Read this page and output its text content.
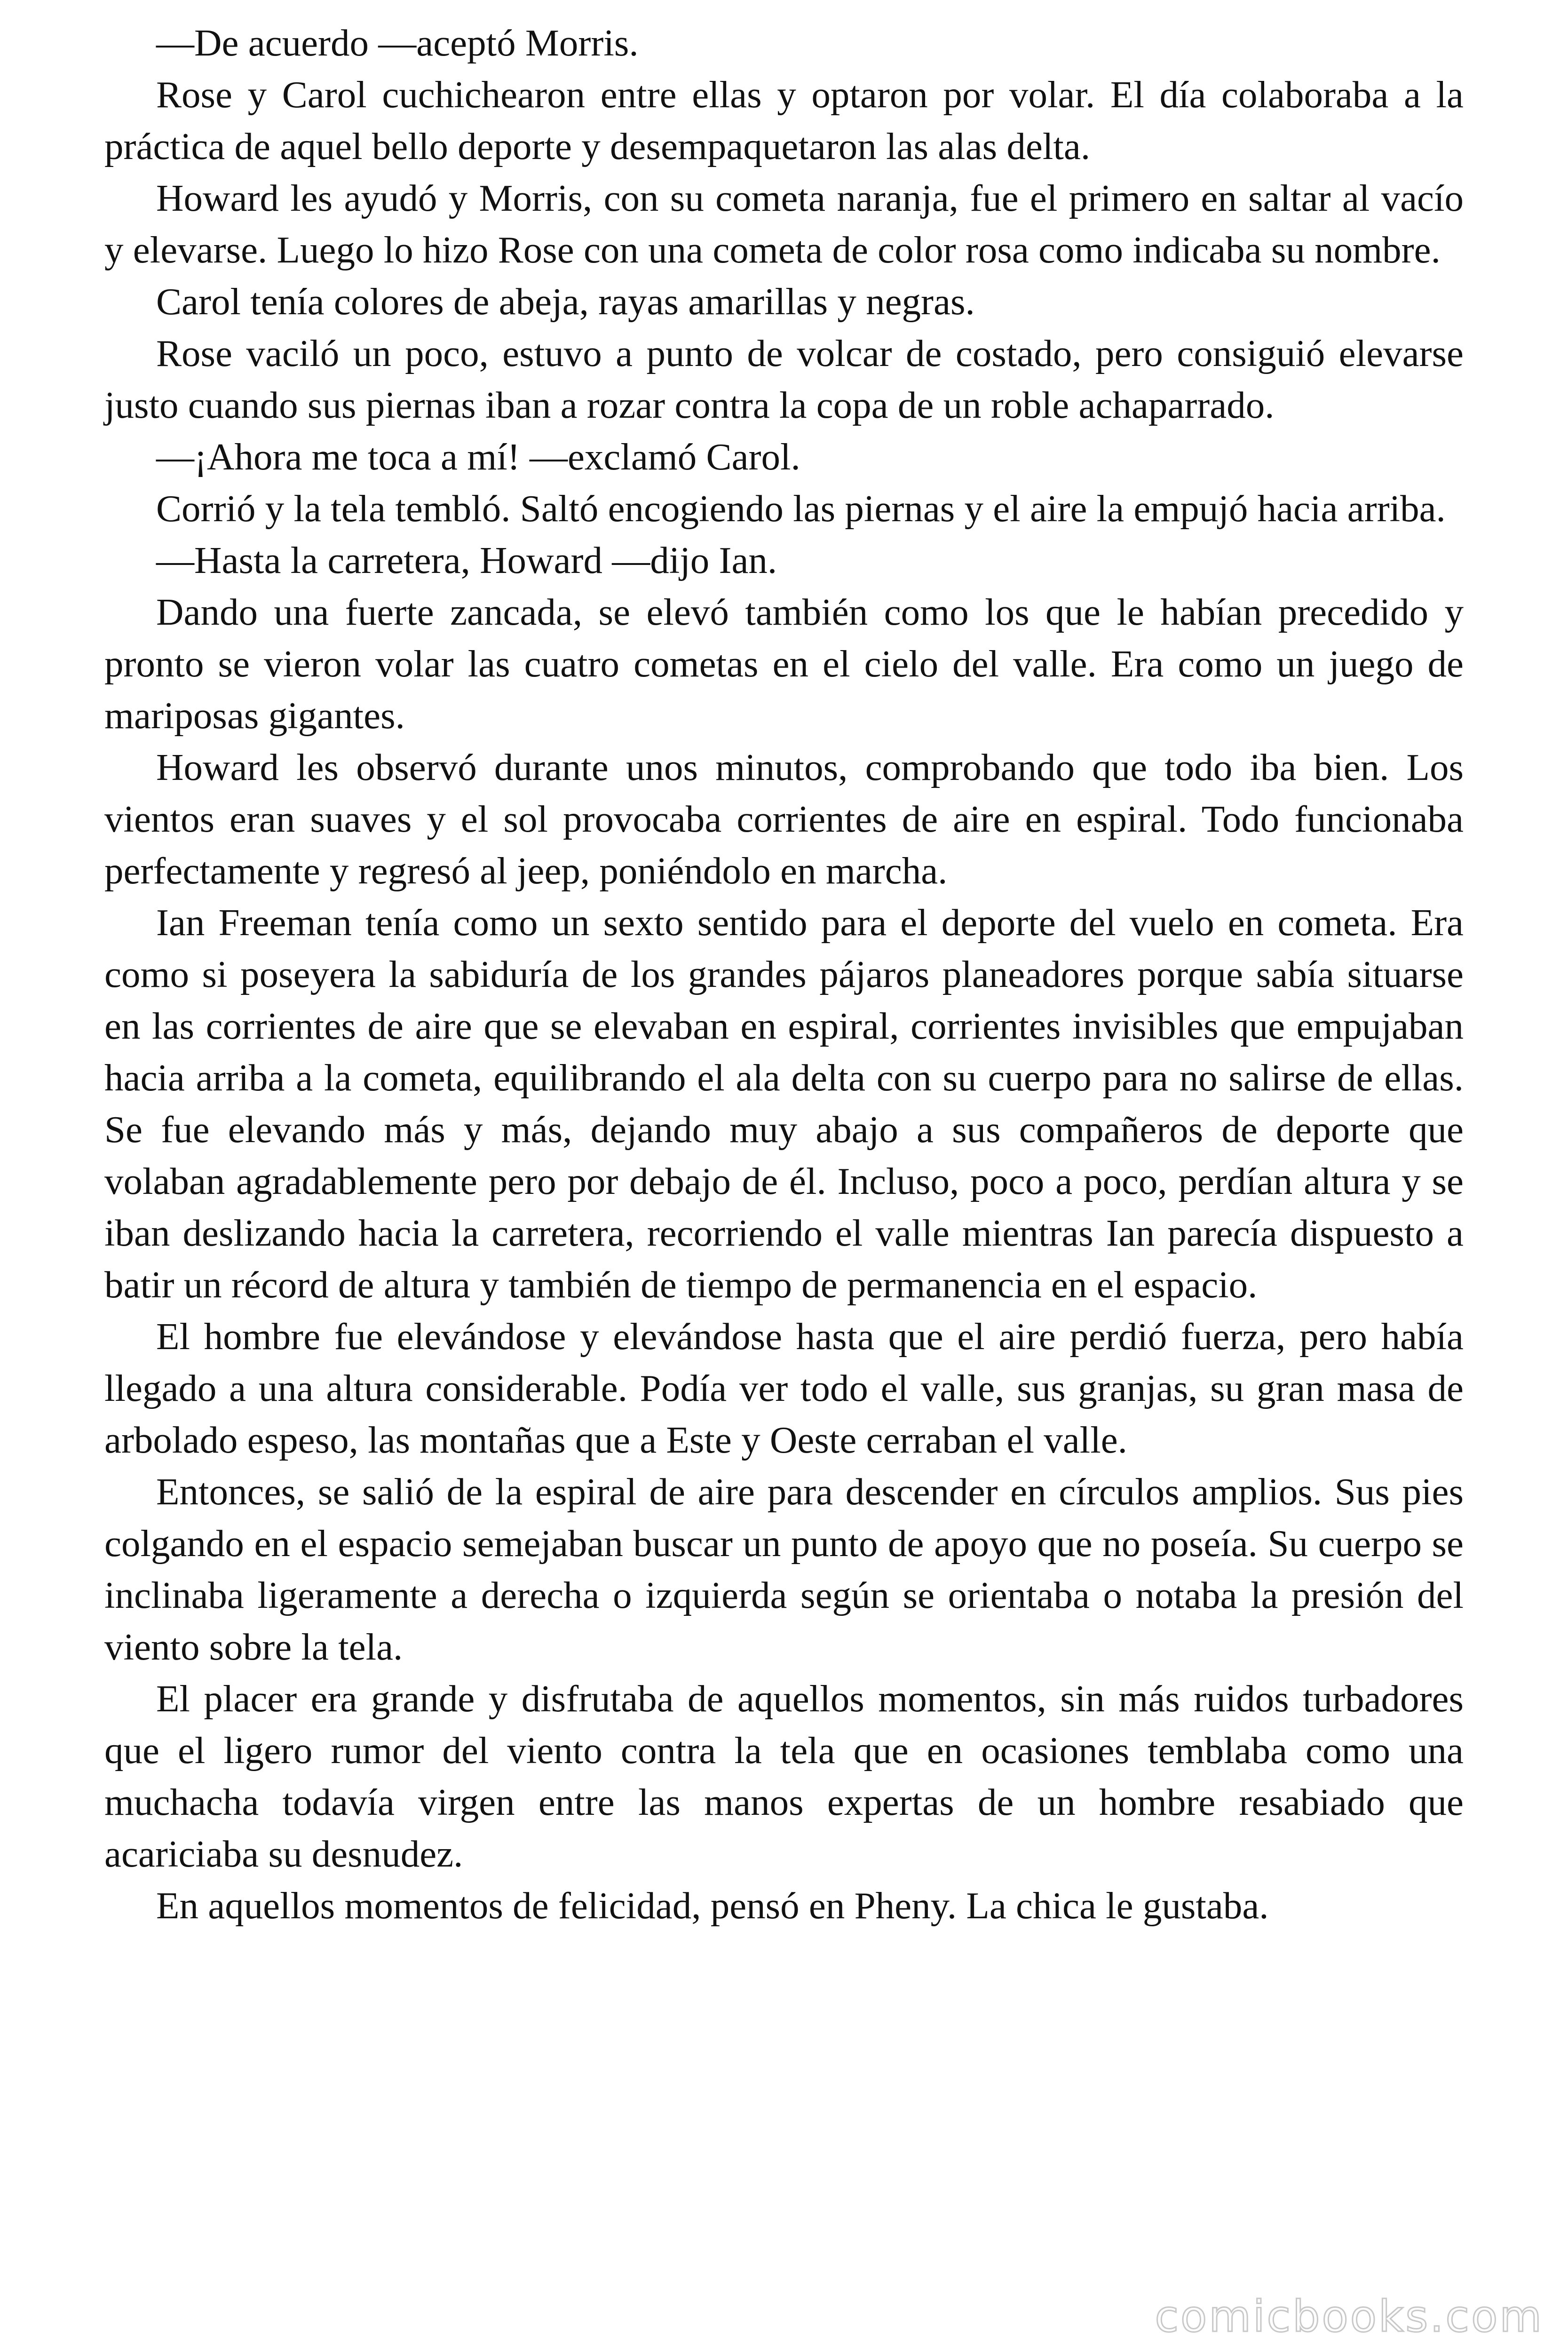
—De acuerdo —aceptó Morris.

Rose y Carol cuchichearon entre ellas y optaron por volar. El día colaboraba a la práctica de aquel bello deporte y desempaquetaron las alas delta.

Howard les ayudó y Morris, con su cometa naranja, fue el primero en saltar al vacío y elevarse. Luego lo hizo Rose con una cometa de color rosa como indicaba su nombre.

Carol tenía colores de abeja, rayas amarillas y negras.

Rose vaciló un poco, estuvo a punto de volcar de costado, pero consiguió elevarse justo cuando sus piernas iban a rozar contra la copa de un roble achaparrado.

—¡Ahora me toca a mí! —exclamó Carol.

Corrió y la tela tembló. Saltó encogiendo las piernas y el aire la empujó hacia arriba.

—Hasta la carretera, Howard —dijo Ian.

Dando una fuerte zancada, se elevó también como los que le habían precedido y pronto se vieron volar las cuatro cometas en el cielo del valle. Era como un juego de mariposas gigantes.

Howard les observó durante unos minutos, comprobando que todo iba bien. Los vientos eran suaves y el sol provocaba corrientes de aire en espiral. Todo funcionaba perfectamente y regresó al jeep, poniéndolo en marcha.

Ian Freeman tenía como un sexto sentido para el deporte del vuelo en cometa. Era como si poseyera la sabiduría de los grandes pájaros planeadores porque sabía situarse en las corrientes de aire que se elevaban en espiral, corrientes invisibles que empujaban hacia arriba a la cometa, equilibrando el ala delta con su cuerpo para no salirse de ellas. Se fue elevando más y más, dejando muy abajo a sus compañeros de deporte que volaban agradablemente pero por debajo de él. Incluso, poco a poco, perdían altura y se iban deslizando hacia la carretera, recorriendo el valle mientras Ian parecía dispuesto a batir un récord de altura y también de tiempo de permanencia en el espacio.

El hombre fue elevándose y elevándose hasta que el aire perdió fuerza, pero había llegado a una altura considerable. Podía ver todo el valle, sus granjas, su gran masa de arbolado espeso, las montañas que a Este y Oeste cerraban el valle.

Entonces, se salió de la espiral de aire para descender en círculos amplios. Sus pies colgando en el espacio semejaban buscar un punto de apoyo que no poseía. Su cuerpo se inclinaba ligeramente a derecha o izquierda según se orientaba o notaba la presión del viento sobre la tela.

El placer era grande y disfrutaba de aquellos momentos, sin más ruidos turbadores que el ligero rumor del viento contra la tela que en ocasiones temblaba como una muchacha todavía virgen entre las manos expertas de un hombre resabiado que acariciaba su desnudez.

En aquellos momentos de felicidad, pensó en Pheny. La chica le gustaba.

comicbooks.com
